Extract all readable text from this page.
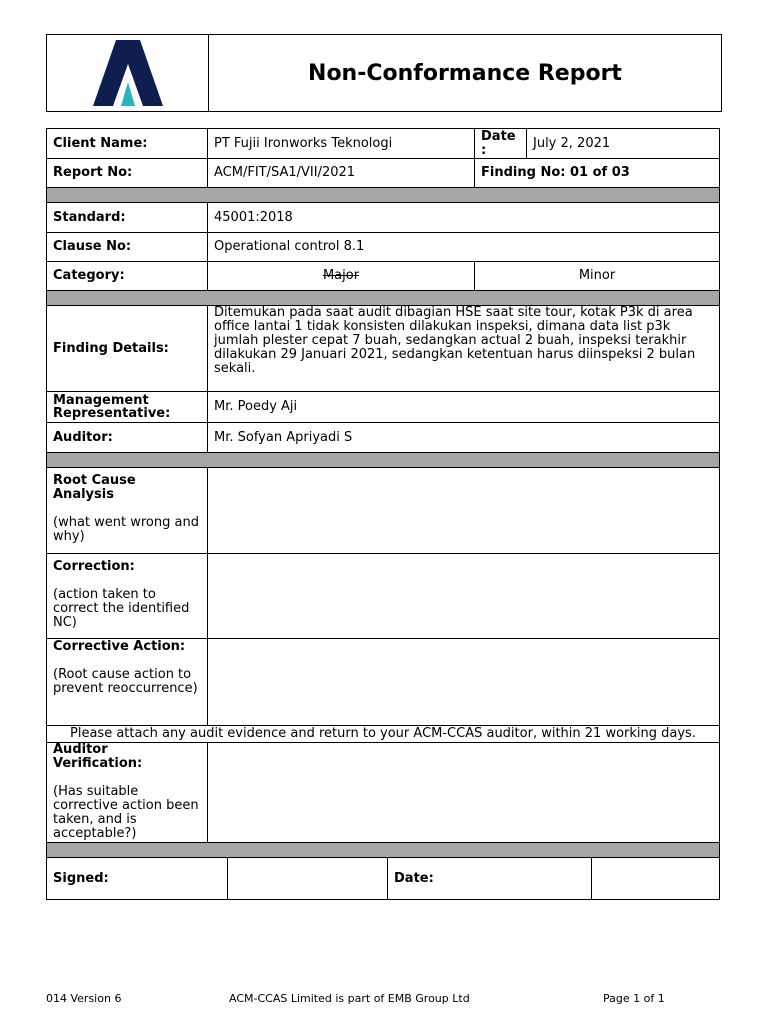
Non-Conformance Report
Client Name:	PT Fujii Ironworks Teknologi	Date :	July 2, 2021
Report No:	ACM/FIT/SA1/VII/2021	Finding No: 01 of 03
Standard:	45001:2018
Clause No:	Operational control 8.1
Category:	Major	Minor
Finding Details:
Ditemukan pada saat audit dibagian HSE saat site tour, kotak P3k di area office lantai 1 tidak konsisten dilakukan inspeksi, dimana data list p3k jumlah plester cepat 7 buah, sedangkan actual 2 buah, inspeksi terakhir dilakukan 29 Januari 2021, sedangkan ketentuan harus diinspeksi 2 bulan sekali.
Management Representative:	Mr. Poedy Aji
Auditor:	Mr. Sofyan Apriyadi S
Root Cause Analysis
(what went wrong and why)
Correction:
(action taken to correct the identified NC)
Corrective Action:
(Root cause action to prevent reoccurrence)
Please attach any audit evidence and return to your ACM-CCAS auditor, within 21 working days.
Auditor Verification:
(Has suitable corrective action been taken, and is acceptable?)
Signed:	Date:
014 Version 6	ACM-CCAS Limited is part of EMB Group Ltd	Page 1 of 1
